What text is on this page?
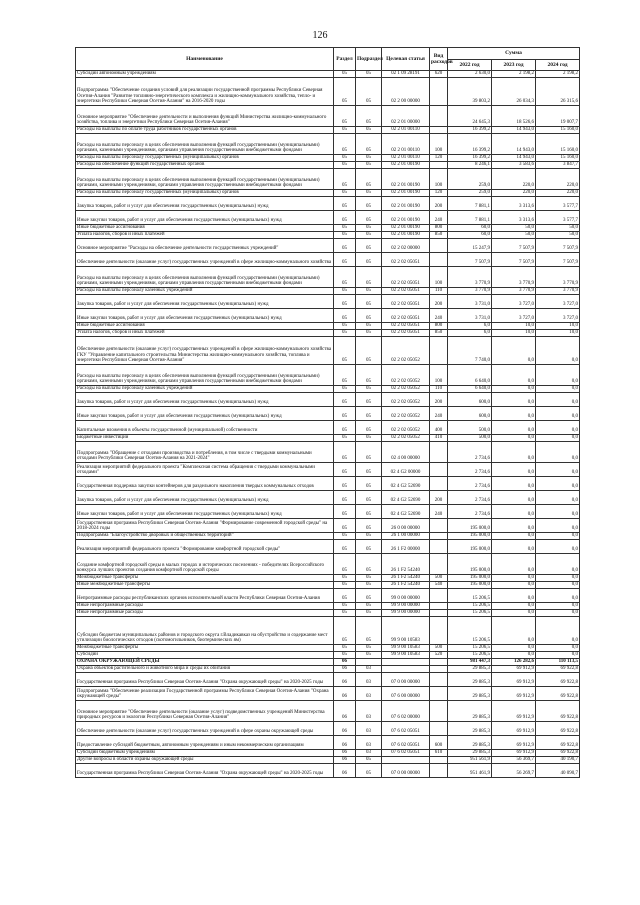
126
Наименование	Раздел	Подраздел	Целевая статья	Вид расходов	Сумма		
					2022 год	2023 год	2024 год
Субсидии автономным учреждениям	05	05	02 1 09 28191	620	2 630,0	2 198,2	2 198,2
Подпрограмма "Обеспечение создания условий для реализации государственной программы Республики Северная Осетия-Алания "Развитие топливно-энергетического комплекса и жилищно-коммунального хозяйства, тепло- и энергетики Республики Северная Осетия-Алания" на 2016-2020 годы	05	05	02 2 00 00000		39 803,2	26 034,3	26 315,6
Основное мероприятие "Обеспечение деятельности и выполнения функций Министерства жилищно-коммунального хозяйства, топлива и энергетики Республики Северная Осетия-Алания"	05	05	02 2 01 00000		24 645,3	18 526,6	19 007,7
Расходы на выплаты по оплате труда работников государственных органов	05	05	02 2 01 00110		16 399,2	14 943,0	15 160,0
Расходы на выплаты персоналу в целях обеспечения выполнения функций государственными (муниципальными) органами, казенными учреждениями, органами управления государственными внебюджетными фондами	05	05	02 2 01 00110	100	16 399,2	14 943,0	15 160,0
Расходы на выплаты персоналу государственных (муниципальных) органов	05	05	02 2 01 00110	120	16 399,2	14 943,0	15 160,0
Расходы на обеспечение функций государственных органов	05	05	02 2 01 00190		8 246,1	3 583,6	3 847,7
Расходы на выплаты персоналу в целях обеспечения выполнения функций государственными (муниципальными) органами, казенными учреждениями, органами управления государственными внебюджетными фондами	05	05	02 2 01 00190	100	259,0	220,0	220,0
Расходы на выплаты персоналу государственных (муниципальных) органов	05	05	02 2 01 00190	120	259,0	220,0	220,0
Закупка товаров, работ и услуг для обеспечения государственных (муниципальных) нужд	05	05	02 2 01 00190	200	7 881,1	3 313,6	3 577,7
Иные закупки товаров, работ и услуг для обеспечения государственных (муниципальных) нужд	05	05	02 2 01 00190	240	7 881,1	3 313,6	3 577,7
Иные бюджетные ассигнования	05	05	02 2 01 00190	800	60,0	50,0	50,0
Уплата налогов, сборов и иных платежей	05	05	02 2 01 00190	850	60,0	50,0	50,0
Основное мероприятие "Расходы на обеспечение деятельности государственных учреждений"	05	05	02 2 02 00000		15 247,9	7 507,9	7 507,9
Обеспечение деятельности (оказание услуг) государственных учреждений в сфере жилищно-коммунального хозяйства	05	05	02 2 02 05051		7 507,9	7 507,9	7 507,9
Расходы на выплаты персоналу в целях обеспечения выполнения функций государственными (муниципальными) органами, казенными учреждениями, органами управления государственными внебюджетными фондами	05	05	02 2 02 05051	100	3 770,9	3 770,9	3 770,9
Расходы на выплаты персоналу казенных учреждений	05	05	02 2 02 05051	110	3 770,9	3 770,9	3 770,9
Закупка товаров, работ и услуг для обеспечения государственных (муниципальных) нужд	05	05	02 2 02 05051	200	3 731,0	3 727,0	3 727,0
Иные закупки товаров, работ и услуг для обеспечения государственных (муниципальных) нужд	05	05	02 2 02 05051	240	3 731,0	3 727,0	3 727,0
Иные бюджетные ассигнования	05	05	02 2 02 05051	800	6,0	10,0	10,0
Уплата налогов, сборов и иных платежей	05	05	02 2 02 05051	850	6,0	10,0	10,0
Обеспечение деятельности (оказание услуг) государственных учреждений в сфере жилищно-коммунального хозяйства ГКУ "Управление капитального строительства Министерства жилищно-коммунального хозяйства, топлива и энергетики Республики Северная Осетия-Алания"	05	05	02 2 02 05052		7 740,0	0,0	0,0
Расходы на выплаты персоналу в целях обеспечения выполнения функций государственными (муниципальными) органами, казенными учреждениями, органами управления государственными внебюджетными фондами	05	05	02 2 02 05052	100	6 640,0	0,0	0,0
Расходы на выплаты персоналу казенных учреждений	05	05	02 2 02 05052	110	6 640,0	0,0	0,0
Закупка товаров, работ и услуг для обеспечения государственных (муниципальных) нужд	05	05	02 2 02 05052	200	600,0	0,0	0,0
Иные закупки товаров, работ и услуг для обеспечения государственных (муниципальных) нужд	05	05	02 2 02 05052	240	600,0	0,0	0,0
Капитальные вложения в объекты государственной (муниципальной) собственности	05	05	02 2 02 05052	400	500,0	0,0	0,0
Бюджетные инвестиции	05	05	02 2 02 05052	410	500,0	0,0	0,0
Подпрограмма "Обращение с отходами производства и потребления, в том числе с твердыми коммунальными отходами Республики Северная Осетия-Алания на 2021-2024"	05	05	02 4 00 00000		2 734,6	0,0	0,0
Реализация мероприятий федерального проекта "Комплексная система обращения с твердыми коммунальными отходами"	05	05	02 4 G2 00000		2 734,6	0,0	0,0
Государственная поддержка закупки контейнеров для раздельного накопления твердых коммунальных отходов	05	05	02 4 G2 52690		2 734,6	0,0	0,0
Закупка товаров, работ и услуг для обеспечения государственных (муниципальных) нужд	05	05	02 4 G2 52690	200	2 734,6	0,0	0,0
Иные закупки товаров, работ и услуг для обеспечения государственных (муниципальных) нужд	05	05	02 4 G2 52690	240	2 734,6	0,0	0,0
Государственная программа Республики Северная Осетия-Алания "Формирование современной городской среды" на 2018-2024 годы	05	05	26 0 00 00000		195 000,0	0,0	0,0
Подпрограмма "Благоустройство дворовых и общественных территорий"	05	05	26 1 00 00000		195 000,0	0,0	0,0
Реализация мероприятий федерального проекта "Формирование комфортной городской среды"	05	05	26 1 F2 00000		195 000,0	0,0	0,0
Создание комфортной городской среды в малых городах и исторических поселениях - победителях Всероссийского конкурса лучших проектов создания комфортной городской среды	05	05	26 1 F2 54240		195 000,0	0,0	0,0
Межбюджетные трансферты	05	05	26 1 F2 54240	500	195 000,0	0,0	0,0
Иные межбюджетные трансферты	05	05	26 1 F2 54240	540	195 000,0	0,0	0,0
Непрограммные расходы республиканских органов исполнительной власти Республики Северная Осетия-Алания	05	05	99 0 00 00000		15 206,5	0,0	0,0
Иные непрограммные расходы	05	05	99 9 00 00000		15 206,5	0,0	0,0
Иные непрограммные расходы	05	05	99 9 00 00000		15 206,5	0,0	0,0
Субсидии бюджетам муниципальных районов и городского округа г.Владикавказ на обустройство и содержание мест утилизации биологических отходов (скотомогильников, биотермических ям)	05	05	99 9 00 10583		15 206,5	0,0	0,0
Межбюджетные трансферты	05	05	99 9 00 10583	500	15 206,5	0,0	0,0
Субсидии	05	05	99 9 00 10583	520	15 206,5	0,0	0,0
ОХРАНА ОКРУЖАЮЩЕЙ СРЕДЫ	06				981 447,3	126 282,6	110 113,5
Охрана объектов растительного и животного мира и среды их обитания	06	03			29 885,3	69 912,9	69 922,8
Государственная программа Республики Северная Осетия-Алания "Охрана окружающей среды" на 2020-2025 годы	06	03	07 0 00 00000		29 885,3	69 912,9	69 922,8
Подпрограмма "Обеспечение реализации Государственной программы Республики Северная Осетия-Алания "Охрана окружающей среды"	06	03	07 6 00 00000		29 885,3	69 912,9	69 922,8
Основное мероприятие "Обеспечение деятельности (оказание услуг) подведомственных учреждений Министерства природных ресурсов и экологии Республики Северная Осетия-Алания"	06	03	07 6 02 00000		29 885,3	69 912,9	69 922,8
Обеспечение деятельности (оказание услуг) государственных учреждений в сфере охраны окружающей среды	06	03	07 6 02 05051		29 885,3	69 912,9	69 922,8
Предоставление субсидий бюджетным, автономным учреждениям и иным некоммерческим организациям	06	03	07 6 02 05051	600	29 885,3	69 912,9	69 922,8
Субсидии бюджетным учреждениям	06	03	07 6 02 05051	610	29 885,3	69 912,9	69 922,8
Другие вопросы в области охраны окружающей среды	06	05			951 561,9	56 369,7	40 190,7
Государственная программа Республики Северная Осетия-Алания "Охрана окружающей среды" на 2020-2025 годы	06	05	07 0 00 00000		951 461,9	56 269,7	40 090,7
